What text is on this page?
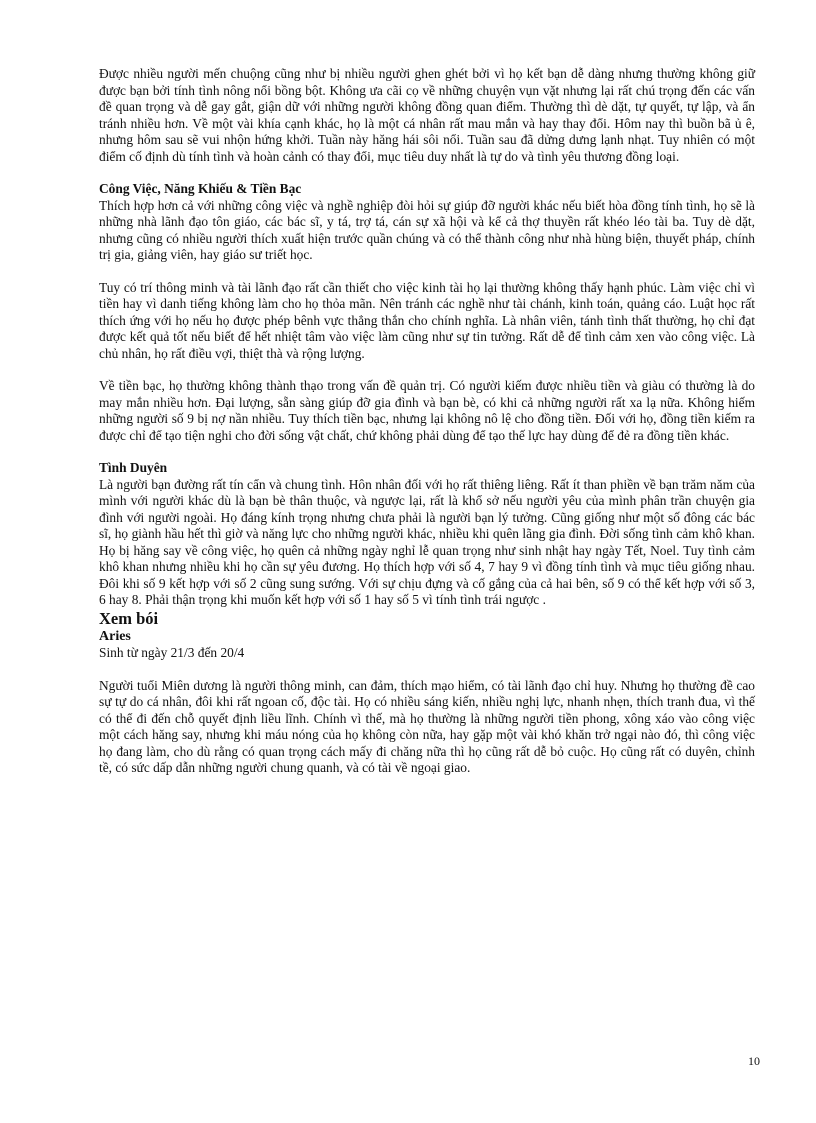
Được nhiều người mến chuộng cũng như bị nhiều người ghen ghét bởi vì họ kết bạn dễ dàng nhưng thường không giữ được bạn bởi tính tình nông nổi bồng bột. Không ưa cãi cọ về những chuyện vụn vặt nhưng lại rất chú trọng đến các vấn đề quan trọng và dễ gay gắt, giận dữ với những người không đồng quan điểm. Thường thì dè dặt, tự quyết, tự lập, và ẩn tránh nhiều hơn. Về một vài khía cạnh khác, họ là một cá nhân rất mau mắn và hay thay đổi. Hôm nay thì buồn bã ủ ê, nhưng hôm sau sẽ vui nhộn hứng khởi. Tuần này hăng hái sôi nổi. Tuần sau đã dửng dưng lạnh nhạt. Tuy nhiên có một điểm cố định dù tính tình và hoàn cảnh có thay đổi, mục tiêu duy nhất là tự do và tình yêu thương đồng loại.

Công Việc, Năng Khiếu & Tiền Bạc

Thích hợp hơn cả với những công việc và nghề nghiệp đòi hỏi sự giúp đỡ người khác nếu biết hòa đồng tính tình, họ sẽ là những nhà lãnh đạo tôn giáo, các bác sĩ, y tá, trợ tá, cán sự xã hội và kể cả thợ thuyền rất khéo léo tài ba. Tuy dè dặt, nhưng cũng có nhiều người thích xuất hiện trước quần chúng và có thể thành công như nhà hùng biện, thuyết pháp, chính trị gia, giảng viên, hay giáo sư triết học.

Tuy có trí thông minh và tài lãnh đạo rất cần thiết cho việc kinh tài họ lại thường không thấy hạnh phúc. Làm việc chỉ vì tiền hay vì danh tiếng không làm cho họ thỏa mãn. Nên tránh các nghề như tài chánh, kinh toán, quảng cáo. Luật học rất thích ứng với họ nếu họ được phép bênh vực thẳng thắn cho chính nghĩa. Là nhân viên, tánh tình thất thường, họ chỉ đạt được kết quả tốt nếu biết để hết nhiệt tâm vào việc làm cũng như sự tin tưởng. Rất dễ để tình cảm xen vào công việc. Là chủ nhân, họ rất điều vợi, thiệt thà và rộng lượng.

Về tiền bạc, họ thường không thành thạo trong vấn đề quản trị. Có người kiếm được nhiều tiền và giàu có thường là do may mắn nhiều hơn. Đại lượng, sẵn sàng giúp đỡ gia đình và bạn bè, có khi cả những người rất xa lạ nữa. Không hiếm những người số 9 bị nợ nần nhiều. Tuy thích tiền bạc, nhưng lại không nô lệ cho đồng tiền. Đối với họ, đồng tiền kiếm ra được chỉ để tạo tiện nghi cho đời sống vật chất, chứ không phải dùng để tạo thế lực hay dùng để đẻ ra đồng tiền khác.

Tình Duyên

Là người bạn đường rất tín cẩn và chung tình. Hôn nhân đối với họ rất thiêng liêng. Rất ít than phiền về bạn trăm năm của mình với người khác dù là bạn bè thân thuộc, và ngược lại, rất là khổ sở nếu người yêu của mình phân trần chuyện gia đình với người ngoài. Họ đáng kính trọng nhưng chưa phải là người bạn lý tưởng. Cũng giống như một số đông các bác sĩ, họ giành hầu hết thì giờ và năng lực cho những người khác, nhiều khi quên lãng gia đình. Đời sống tình cảm khô khan. Họ bị hăng say về công việc, họ quên cả những ngày nghỉ lễ quan trọng như sinh nhật hay ngày Tết, Noel. Tuy tình cảm khô khan nhưng nhiều khi họ cần sự yêu đương. Họ thích hợp với số 4, 7 hay 9 vì đồng tính tình và mục tiêu giống nhau. Đôi khi số 9 kết hợp với số 2 cũng sung sướng. Với sự chịu đựng và cố gắng của cả hai bên, số 9 có thể kết hợp với số 3, 6 hay 8. Phải thận trọng khi muốn kết hợp với số 1 hay số 5 vì tính tình trái ngược .

Xem bói

Aries

Sinh từ ngày 21/3 đến 20/4

Người tuổi Miên dương là người thông minh, can đảm, thích mạo hiểm, có tài lãnh đạo chỉ huy. Nhưng họ thường đề cao sự tự do cá nhân, đôi khi rất ngoan cố, độc tài. Họ có nhiều sáng kiến, nhiều nghị lực, nhanh nhẹn, thích tranh đua, vì thế có thể đi đến chỗ quyết định liều lĩnh. Chính vì thế, mà họ thường là những người tiền phong, xông xáo vào công việc một cách hăng say, nhưng khi máu nóng của họ không còn nữa, hay gặp một vài khó khăn trở ngại nào đó, thì công việc họ đang làm, cho dù rằng có quan trọng cách mấy đi chăng nữa thì họ cũng rất dễ bỏ cuộc. Họ cũng rất có duyên, chỉnh tề, có sức dấp dẫn những người chung quanh, và có tài về ngoại giao.

10
